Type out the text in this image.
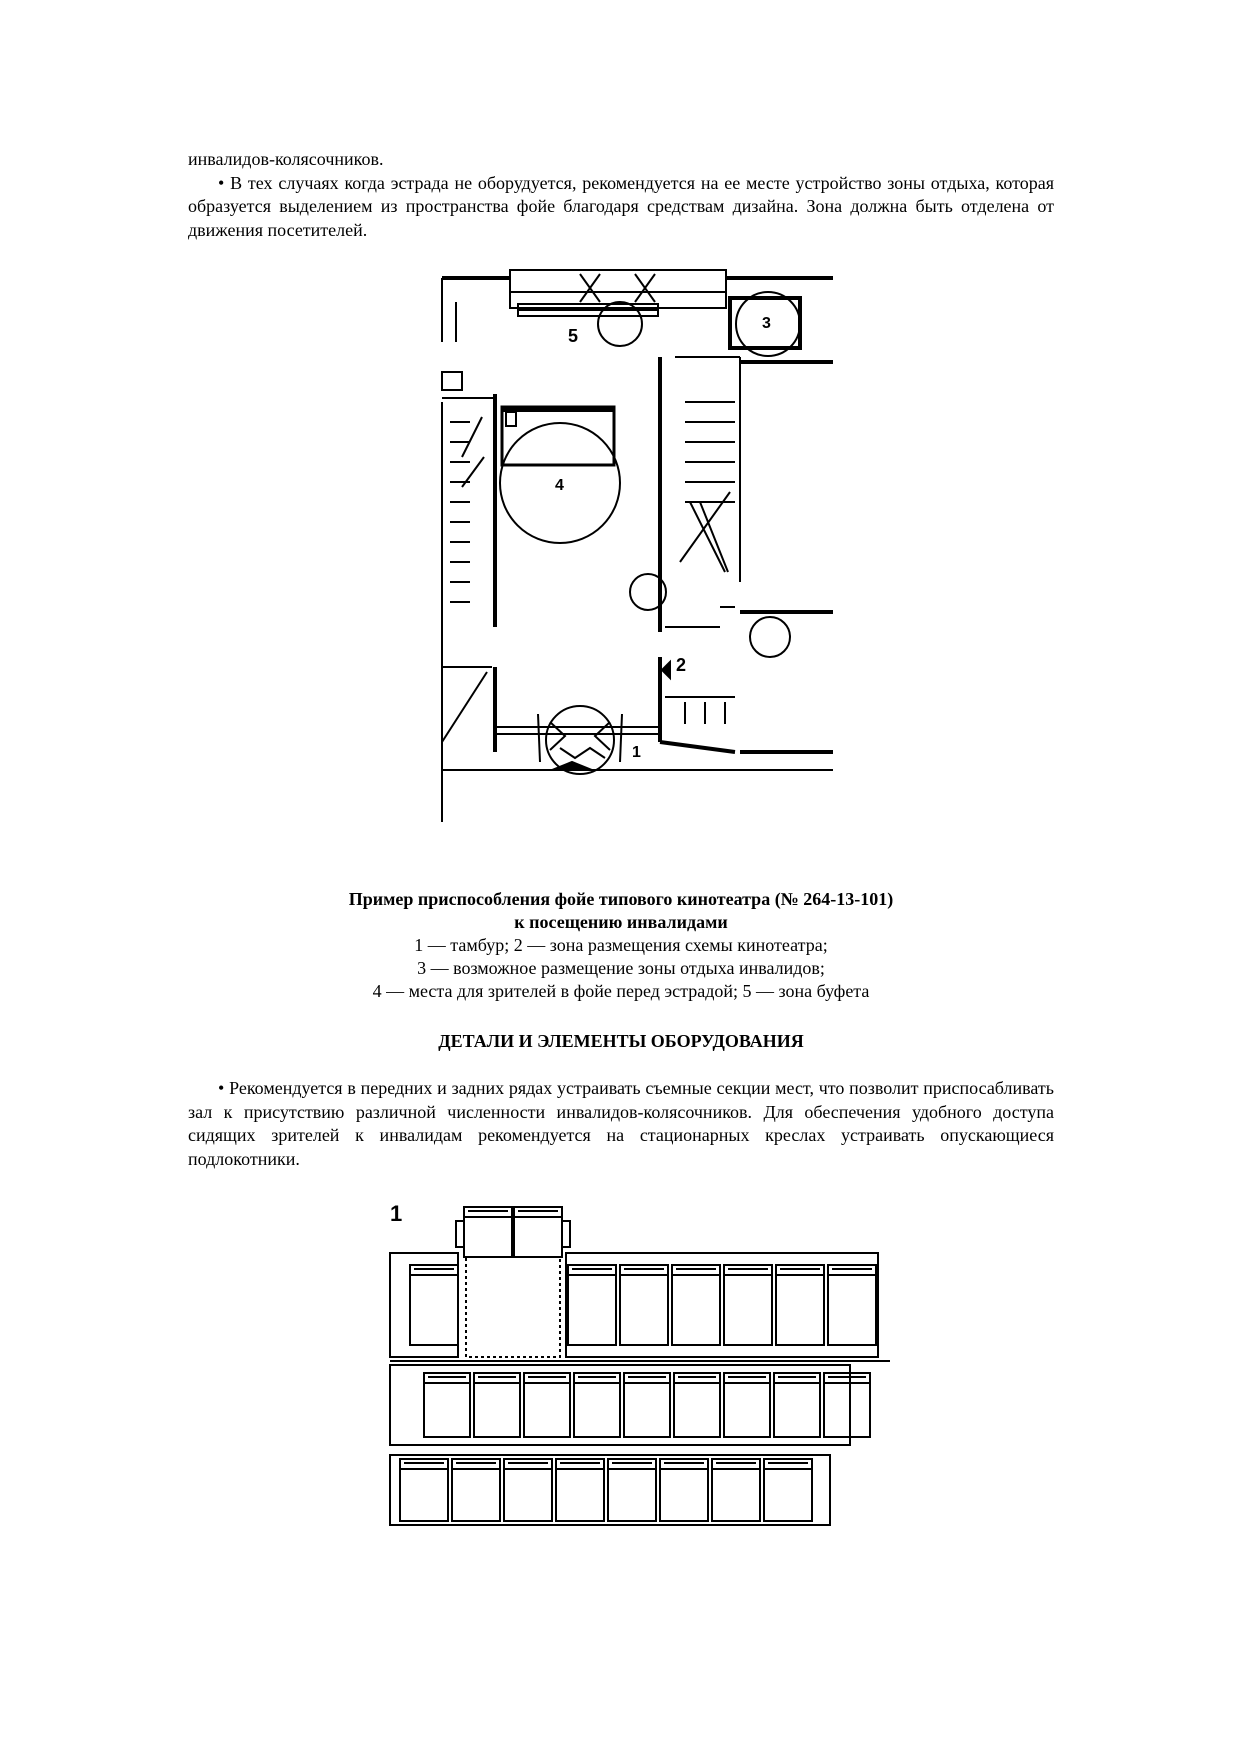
инвалидов-колясочников.
• В тех случаях когда эстрада не оборудуется, рекомендуется на ее месте устройство зоны отдыха, которая образуется выделением из пространства фойе благодаря средствам дизайна. Зона должна быть отделена от движения посетителей.
5
3
4
2
1
Пример приспособления фойе типового кинотеатра (№ 264-13-101)
к посещению инвалидами
1 — тамбур; 2 — зона размещения схемы кинотеатра;
3 — возможное размещение зоны отдыха инвалидов;
4 — места для зрителей в фойе перед эстрадой; 5 — зона буфета
ДЕТАЛИ И ЭЛЕМЕНТЫ ОБОРУДОВАНИЯ
• Рекомендуется в передних и задних рядах устраивать съемные секции мест, что позволит приспосабливать зал к присутствию различной численности инвалидов-колясочников. Для обеспечения удобного доступа сидящих зрителей к инвалидам рекомендуется на стационарных креслах устраивать опускающиеся подлокотники.
1
